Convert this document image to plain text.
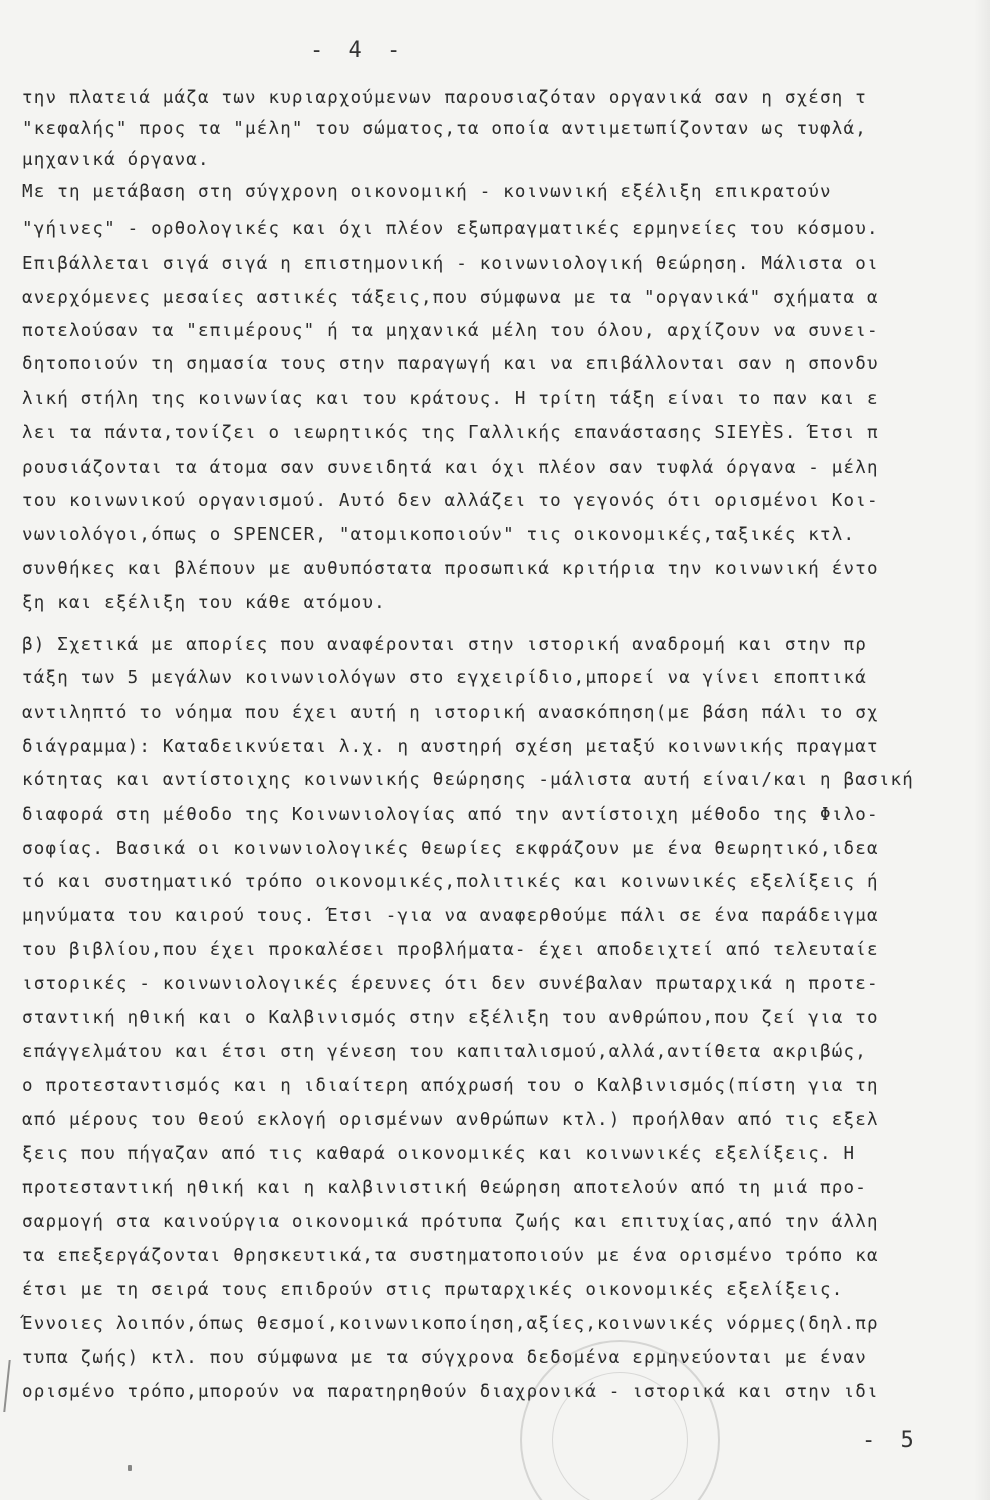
- 4 -
την πλατειά μάζα των κυριαρχούμενων παρουσιαζόταν οργανικά σαν η σχέση τ
"κεφαλής" προς τα "μέλη" του σώματος,τα οποία αντιμετωπίζονταν ως τυφλά,
μηχανικά όργανα.
Με τη μετάβαση στη σύγχρονη οικονομική - κοινωνική εξέλιξη επικρατούν
"γήινες" - ορθολογικές και όχι πλέον εξωπραγματικές ερμηνείες του κόσμου.
Επιβάλλεται σιγά σιγά η επιστημονική - κοινωνιολογική θεώρηση. Μάλιστα οι
ανερχόμενες μεσαίες αστικές τάξεις,που σύμφωνα με τα "οργανικά" σχήματα α
ποτελούσαν τα "επιμέρους" ή τα μηχανικά μέλη του όλου, αρχίζουν να συνει-
δητοποιούν τη σημασία τους στην παραγωγή και να επιβάλλονται σαν η σπονδυ
λική στήλη της κοινωνίας και του κράτους. Η τρίτη τάξη είναι το παν και ε
λει τα πάντα,τονίζει ο ιεωρητικός της Γαλλικής επανάστασης SIEYÈS. Έτσι π
ρουσιάζονται τα άτομα σαν συνειδητά και όχι πλέον σαν τυφλά όργανα - μέλη
του κοινωνικού οργανισμού. Αυτό δεν αλλάζει το γεγονός ότι ορισμένοι Κοι-
νωνιολόγοι,όπως ο SPENCER, "ατομικοποιούν" τις οικονομικές,ταξικές κτλ.
συνθήκες και βλέπουν με αυθυπόστατα προσωπικά κριτήρια την κοινωνική έντο
ξη και εξέλιξη του κάθε ατόμου.
β) Σχετικά με απορίες που αναφέρονται στην ιστορική αναδρομή και στην πρ
τάξη των 5 μεγάλων κοινωνιολόγων στο εγχειρίδιο,μπορεί να γίνει εποπτικά
αντιληπτό το νόημα που έχει αυτή η ιστορική ανασκόπηση(με βάση πάλι το σχ
διάγραμμα): Καταδεικνύεται λ.χ. η αυστηρή σχέση μεταξύ κοινωνικής πραγματ
κότητας και αντίστοιχης κοινωνικής θεώρησης -μάλιστα αυτή είναι/και η βασική
διαφορά στη μέθοδο της Κοινωνιολογίας από την αντίστοιχη μέθοδο της Φιλο-
σοφίας. Βασικά οι κοινωνιολογικές θεωρίες εκφράζουν με ένα θεωρητικό,ιδεα
τό και συστηματικό τρόπο οικονομικές,πολιτικές και κοινωνικές εξελίξεις ή
μηνύματα του καιρού τους. Έτσι -για να αναφερθούμε πάλι σε ένα παράδειγμα
του βιβλίου,που έχει προκαλέσει προβλήματα- έχει αποδειχτεί από τελευταίε
ιστορικές - κοινωνιολογικές έρευνες ότι δεν συνέβαλαν πρωταρχικά η προτε-
σταντική ηθική και ο Καλβινισμός στην εξέλιξη του ανθρώπου,που ζεί για το
επάγγελμάτου και έτσι στη γένεση του καπιταλισμού,αλλά,αντίθετα ακριβώς,
ο προτεσταντισμός και η ιδιαίτερη απόχρωσή του ο Καλβινισμός(πίστη για τη
από μέρους του θεού εκλογή ορισμένων ανθρώπων κτλ.) προήλθαν από τις εξελ
ξεις που πήγαζαν από τις καθαρά οικονομικές και κοινωνικές εξελίξεις. Η
προτεσταντική ηθική και η καλβινιστική θεώρηση αποτελούν από τη μιά προ-
σαρμογή στα καινούργια οικονομικά πρότυπα ζωής και επιτυχίας,από την άλλη
τα επεξεργάζονται θρησκευτικά,τα συστηματοποιούν με ένα ορισμένο τρόπο κα
έτσι με τη σειρά τους επιδρούν στις πρωταρχικές οικονομικές εξελίξεις.
Έννοιες λοιπόν,όπως θεσμοί,κοινωνικοποίηση,αξίες,κοινωνικές νόρμες(δηλ.πρ
τυπα ζωής) κτλ. που σύμφωνα με τα σύγχρονα δεδομένα ερμηνεύονται με έναν
ορισμένο τρόπο,μπορούν να παρατηρηθούν διαχρονικά - ιστορικά και στην ιδι
- 5
